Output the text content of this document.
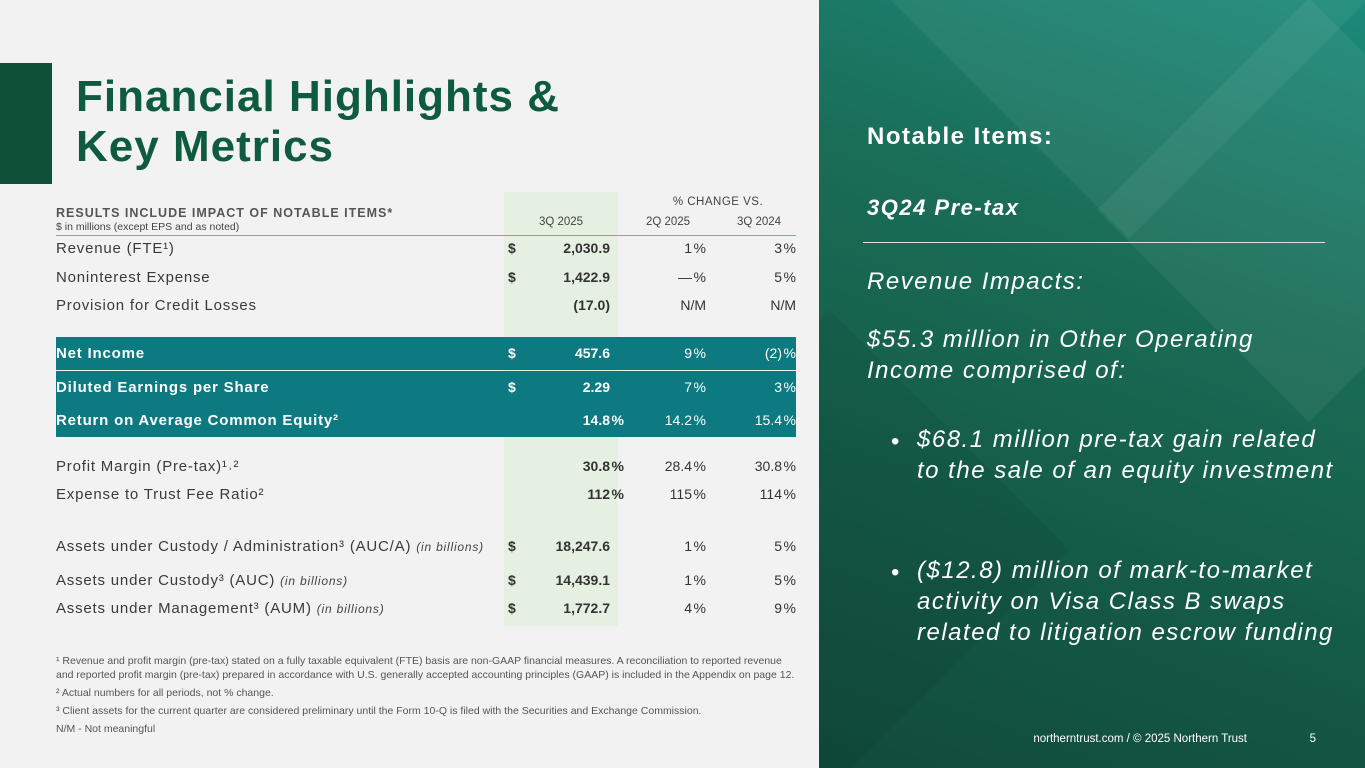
Financial Highlights & Key Metrics
RESULTS INCLUDE IMPACT OF NOTABLE ITEMS*
$ in millions (except EPS and as noted)
% CHANGE VS.
3Q 2025	2Q 2025	3Q 2024
Revenue (FTE¹)	$	2,030.9	1 %	3 %
Noninterest Expense	$	1,422.9	— %	5 %
Provision for Credit Losses	(17.0)	N/M	N/M
Net Income	$	457.6	9 %	(2) %
Diluted Earnings per Share	$	2.29	7 %	3 %
Return on Average Common Equity²	14.8 %	14.2 %	15.4 %
Profit Margin (Pre-tax)¹˒²	30.8 %	28.4 %	30.8 %
Expense to Trust Fee Ratio²	112 %	115 %	114 %
Assets under Custody / Administration³ (AUC/A) (in billions) $	18,247.6	1 %	5 %
Assets under Custody³ (AUC) (in billions)	$	14,439.1	1 %	5 %
Assets under Management³ (AUM) (in billions)	$	1,772.7	4 %	9 %

¹ Revenue and profit margin (pre-tax) stated on a fully taxable equivalent (FTE) basis are non-GAAP financial measures. A reconciliation to reported revenue and reported profit margin (pre-tax) prepared in accordance with U.S. generally accepted accounting principles (GAAP) is included in the Appendix on page 12.

² Actual numbers for all periods, not % change.

³ Client assets for the current quarter are considered preliminary until the Form 10-Q is filed with the Securities and Exchange Commission.

N/M - Not meaningful

Notable Items:
3Q24 Pre-tax
Revenue Impacts:
$55.3 million in Other Operating Income comprised of:
• $68.1 million pre-tax gain related to the sale of an equity investment
• ($12.8) million of mark-to-market activity on Visa Class B swaps related to litigation escrow funding
northerntrust.com / © 2025 Northern Trust	5
